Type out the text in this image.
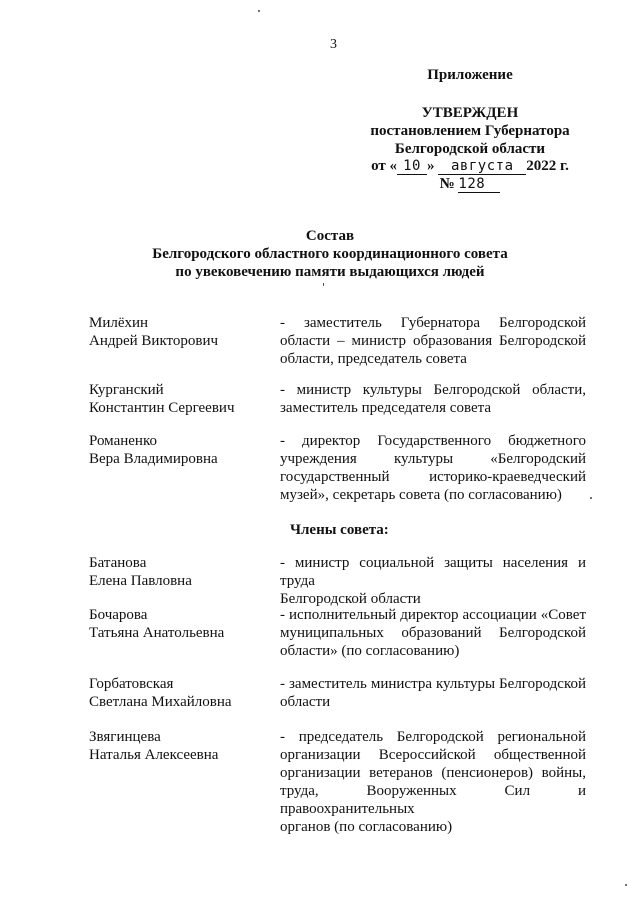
3
Приложение
УТВЕРЖДЕН
постановлением Губернатора
Белгородской области
от « 10 » августа 2022 г.
№ 128
Состав
Белгородского областного координационного совета
по увековечению памяти выдающихся людей
Милёхин
Андрей Викторович
- заместитель Губернатора Белгородской
области – министр образования Белгородской
области, председатель совета
Курганский
Константин Сергеевич
- министр культуры Белгородской области,
заместитель председателя совета
Романенко
Вера Владимировна
- директор Государственного бюджетного
учреждения культуры «Белгородский
государственный историко-краеведческий
музей», секретарь совета (по согласованию)
Члены совета:
Батанова
Елена Павловна
- министр социальной защиты населения и труда
Белгородской области
Бочарова
Татьяна Анатольевна
- исполнительный директор ассоциации «Совет
муниципальных образований Белгородской
области» (по согласованию)
Горбатовская
Светлана Михайловна
- заместитель министра культуры Белгородской
области
Звягинцева
Наталья Алексеевна
- председатель Белгородской региональной
организации Всероссийской общественной
организации ветеранов (пенсионеров) войны,
труда, Вооруженных Сил и правоохранительных
органов (по согласованию)
